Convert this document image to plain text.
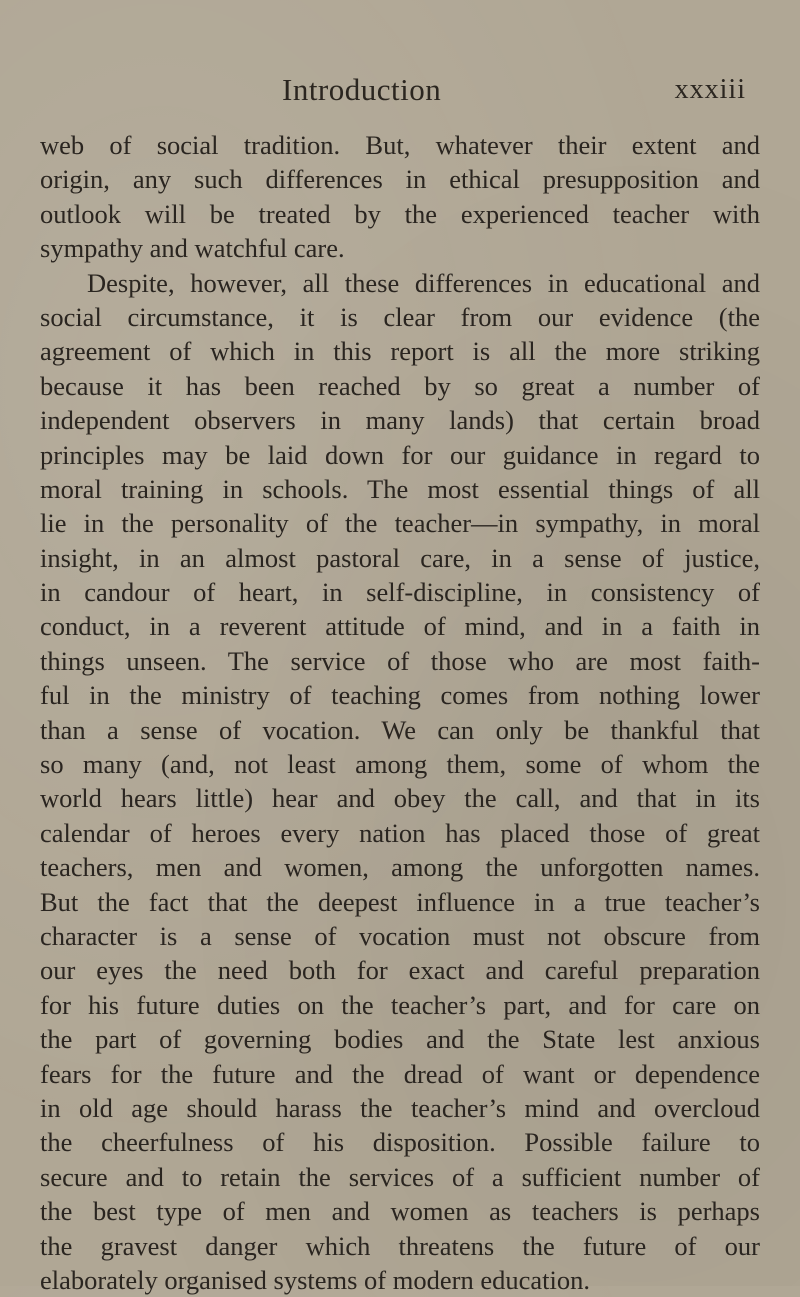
Introduction	xxxiii
web of social tradition. But, whatever their extent and
origin, any such differences in ethical presupposition and
outlook will be treated by the experienced teacher with
sympathy and watchful care.
Despite, however, all these differences in educational and
social circumstance, it is clear from our evidence (the
agreement of which in this report is all the more striking
because it has been reached by so great a number of
independent observers in many lands) that certain broad
principles may be laid down for our guidance in regard to
moral training in schools. The most essential things of all
lie in the personality of the teacher—in sympathy, in moral
insight, in an almost pastoral care, in a sense of justice,
in candour of heart, in self-discipline, in consistency of
conduct, in a reverent attitude of mind, and in a faith in
things unseen. The service of those who are most faith-
ful in the ministry of teaching comes from nothing lower
than a sense of vocation. We can only be thankful that
so many (and, not least among them, some of whom the
world hears little) hear and obey the call, and that in its
calendar of heroes every nation has placed those of great
teachers, men and women, among the unforgotten names.
But the fact that the deepest influence in a true teacher’s
character is a sense of vocation must not obscure from
our eyes the need both for exact and careful preparation
for his future duties on the teacher’s part, and for care on
the part of governing bodies and the State lest anxious
fears for the future and the dread of want or dependence
in old age should harass the teacher’s mind and overcloud
the cheerfulness of his disposition. Possible failure to
secure and to retain the services of a sufficient number of
the best type of men and women as teachers is perhaps
the gravest danger which threatens the future of our
elaborately organised systems of modern education.
